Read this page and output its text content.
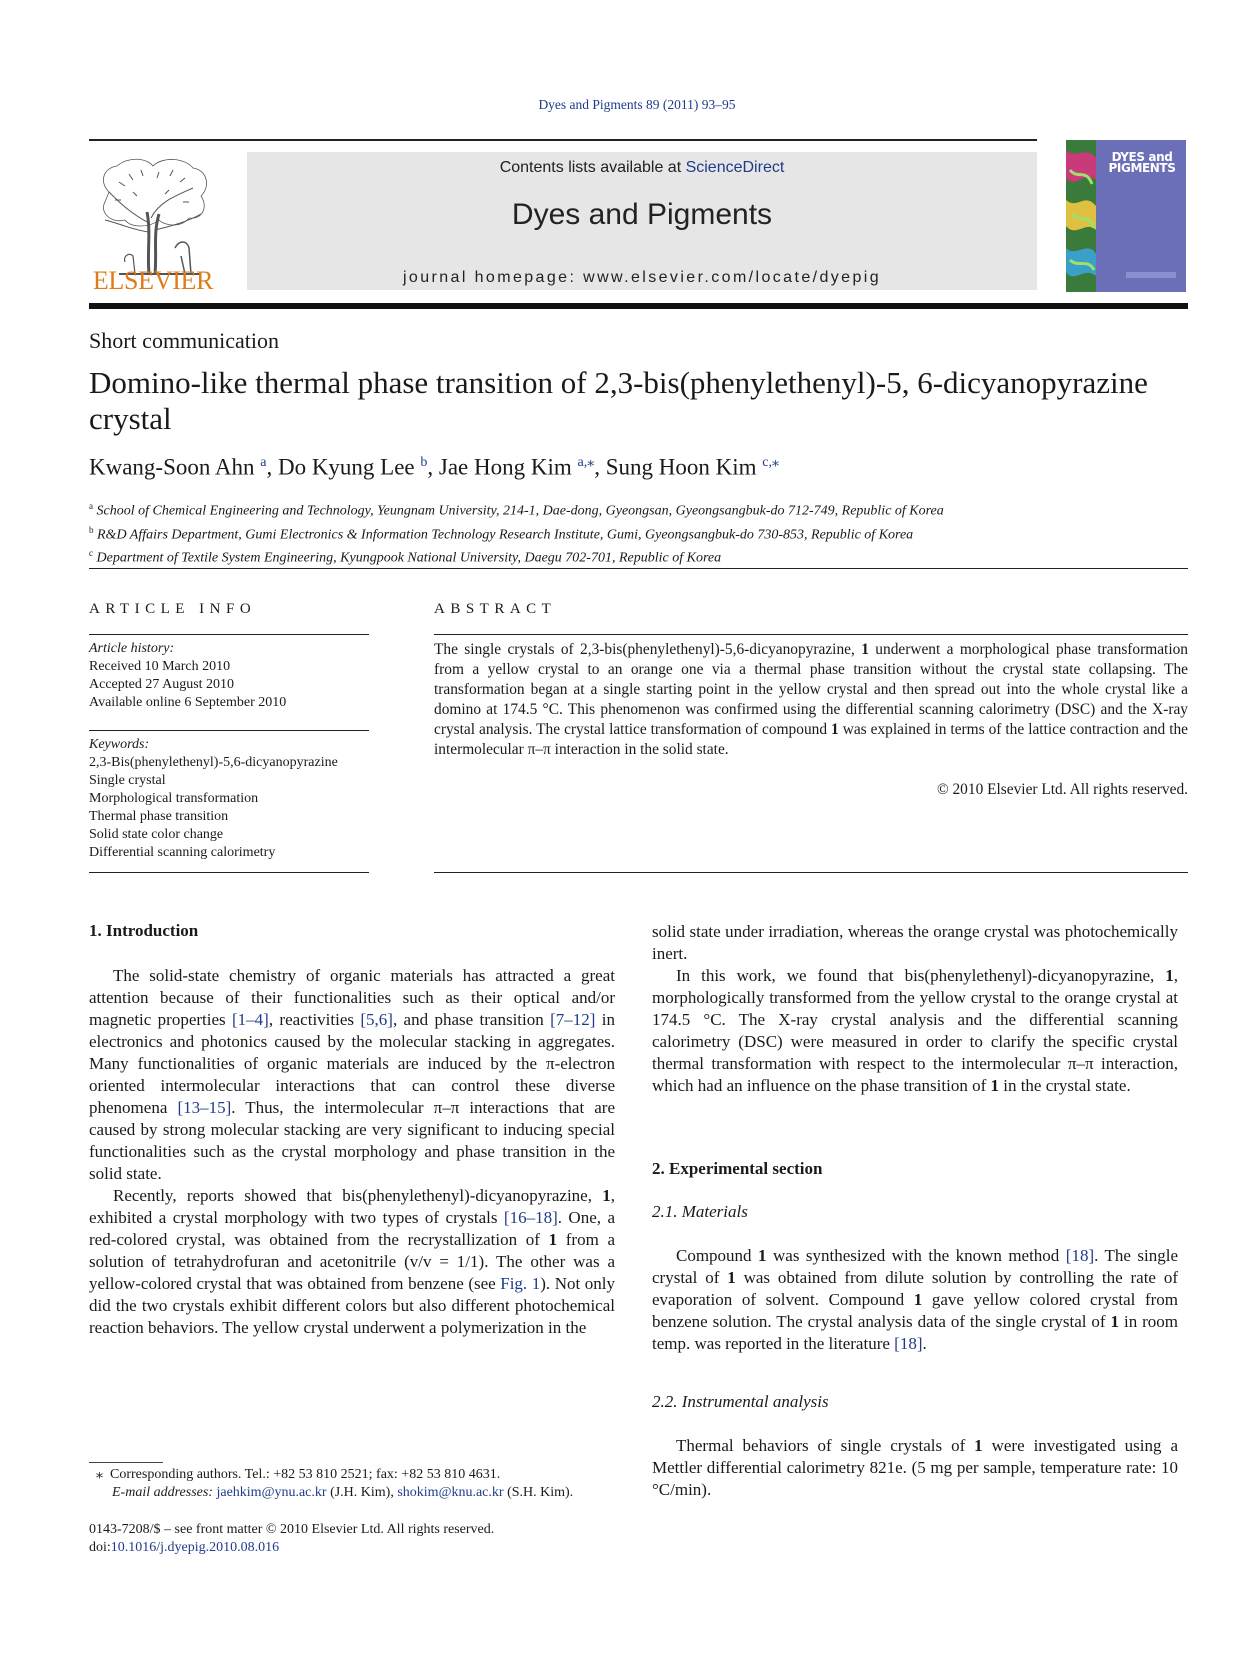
Dyes and Pigments 89 (2011) 93–95
ELSEVIER
Contents lists available at ScienceDirect
Dyes and Pigments
journal homepage: www.elsevier.com/locate/dyepig
DYES and PIGMENTS
Short communication
Domino-like thermal phase transition of 2,3-bis(phenylethenyl)-5, 6-dicyanopyrazine crystal
Kwang-Soon Ahn $^a$, Do Kyung Lee $^b$, Jae Hong Kim $^{a,⁎}$, Sung Hoon Kim $^{c,⁎}$
$^a$ School of Chemical Engineering and Technology, Yeungnam University, 214-1, Dae-dong, Gyeongsan, Gyeongsangbuk-do 712-749, Republic of Korea
$^b$ R&D Affairs Department, Gumi Electronics & Information Technology Research Institute, Gumi, Gyeongsangbuk-do 730-853, Republic of Korea
$^c$ Department of Textile System Engineering, Kyungpook National University, Daegu 702-701, Republic of Korea
ARTICLE INFO	ABSTRACT
Article history:
Received 10 March 2010
Accepted 27 August 2010
Available online 6 September 2010
Keywords:
2,3-Bis(phenylethenyl)-5,6-dicyanopyrazine
Single crystal
Morphological transformation
Thermal phase transition
Solid state color change
Differential scanning calorimetry
The single crystals of 2,3-bis(phenylethenyl)-5,6-dicyanopyrazine, 1 underwent a morphological phase transformation from a yellow crystal to an orange one via a thermal phase transition without the crystal state collapsing. The transformation began at a single starting point in the yellow crystal and then spread out into the whole crystal like a domino at 174.5 °C. This phenomenon was confirmed using the differential scanning calorimetry (DSC) and the X-ray crystal analysis. The crystal lattice transformation of compound 1 was explained in terms of the lattice contraction and the intermolecular π–π interaction in the solid state.
© 2010 Elsevier Ltd. All rights reserved.
1. Introduction

The solid-state chemistry of organic materials has attracted a great attention because of their functionalities such as their optical and/or magnetic properties [1–4], reactivities [5,6], and phase transition [7–12] in electronics and photonics caused by the molecular stacking in aggregates. Many functionalities of organic materials are induced by the π-electron oriented intermolecular interactions that can control these diverse phenomena [13–15]. Thus, the intermolecular π–π interactions that are caused by strong molecular stacking are very significant to inducing special functionalities such as the crystal morphology and phase transition in the solid state.

Recently, reports showed that bis(phenylethenyl)-dicyanopyrazine, 1, exhibited a crystal morphology with two types of crystals [16–18]. One, a red-colored crystal, was obtained from the recrystallization of 1 from a solution of tetrahydrofuran and acetonitrile (v/v = 1/1). The other was a yellow-colored crystal that was obtained from benzene (see Fig. 1). Not only did the two crystals exhibit different colors but also different photochemical reaction behaviors. The yellow crystal underwent a polymerization in the

solid state under irradiation, whereas the orange crystal was photochemically inert.

In this work, we found that bis(phenylethenyl)-dicyanopyrazine, 1, morphologically transformed from the yellow crystal to the orange crystal at 174.5 °C. The X-ray crystal analysis and the differential scanning calorimetry (DSC) were measured in order to clarify the specific crystal thermal transformation with respect to the intermolecular π–π interaction, which had an influence on the phase transition of 1 in the crystal state.

2. Experimental section
2.1. Materials

Compound 1 was synthesized with the known method [18]. The single crystal of 1 was obtained from dilute solution by controlling the rate of evaporation of solvent. Compound 1 gave yellow colored crystal from benzene solution. The crystal analysis data of the single crystal of 1 in room temp. was reported in the literature [18].

2.2. Instrumental analysis

Thermal behaviors of single crystals of 1 were investigated using a Mettler differential calorimetry 821e. (5 mg per sample, temperature rate: 10 °C/min).

⁎ Corresponding authors. Tel.: +82 53 810 2521; fax: +82 53 810 4631.
E-mail addresses: jaehkim@ynu.ac.kr (J.H. Kim), shokim@knu.ac.kr (S.H. Kim).
0143-7208/$ – see front matter © 2010 Elsevier Ltd. All rights reserved.
doi:10.1016/j.dyepig.2010.08.016
